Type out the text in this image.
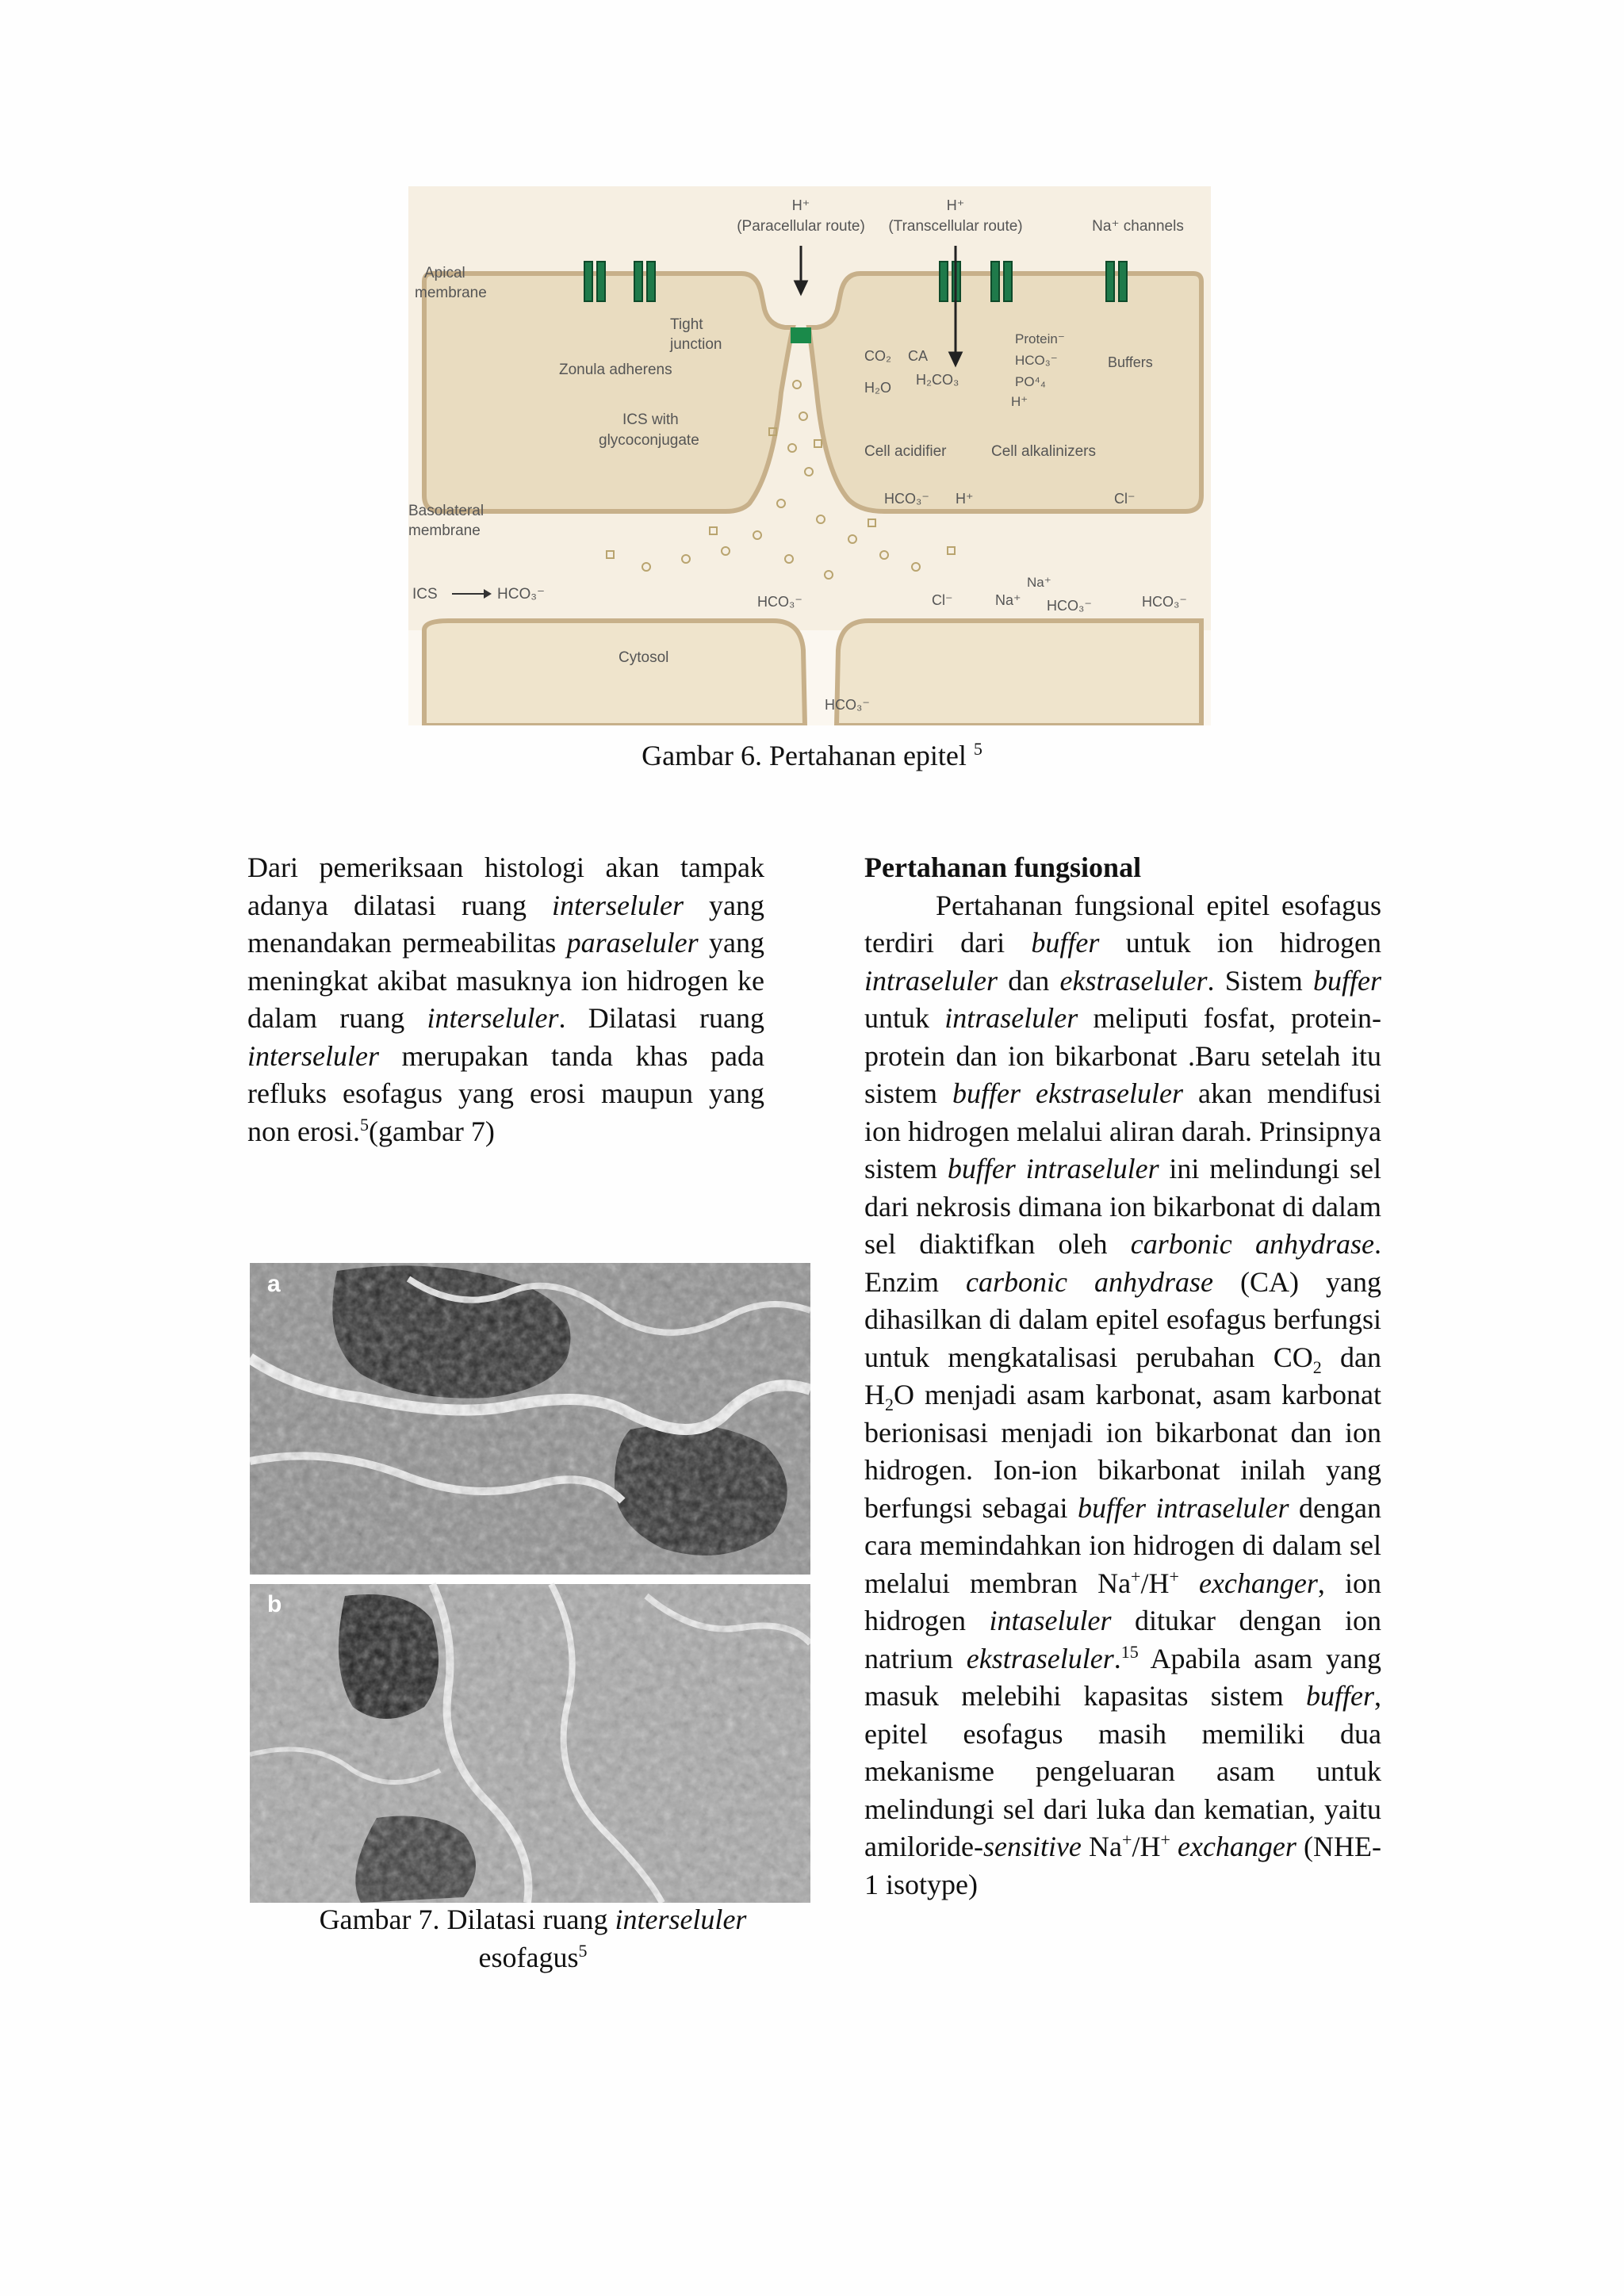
H⁺
(Paracellular route)
H⁺
(Transcellular route)	Na⁺ channels
Apical
membrane
Tight
junction
Zonula adherens
CO₂
H₂O
CA
H₂CO₃
Protein⁻
HCO₃⁻
PO⁴₄
H⁺
Buffers
ICS with
glycoconjugate
Cell acidifier	Cell alkalinizers
HCO₃⁻ H⁺	Cl⁻
Basolateral
membrane
Na⁺
ICS	HCO₃⁻	HCO₃⁻	Cl⁻	Na⁺ HCO₃⁻	HCO₃⁻
Cytosol
HCO₃⁻
Gambar 6. Pertahanan epitel $^5$

Dari pemeriksaan histologi akan tampak adanya dilatasi ruang interseluler yang menandakan permeabilitas paraseluler yang meningkat akibat masuknya ion hidrogen ke dalam ruang interseluler. Dilatasi ruang interseluler merupakan tanda khas pada refluks esofagus yang erosi maupun yang non erosi.$^5$(gambar 7)

a
b
Gambar 7. Dilatasi ruang interseluler
esofagus$^5$
Pertahanan fungsional

Pertahanan fungsional epitel esofagus terdiri dari buffer untuk ion hidrogen intraseluler dan ekstraseluler. Sistem buffer untuk intraseluler meliputi fosfat, protein-protein dan ion bikarbonat .Baru setelah itu sistem buffer ekstraseluler akan mendifusi ion hidrogen melalui aliran darah. Prinsipnya sistem buffer intraseluler ini melindungi sel dari nekrosis dimana ion bikarbonat di dalam sel diaktifkan oleh carbonic anhydrase. Enzim carbonic anhydrase (CA) yang dihasilkan di dalam epitel esofagus berfungsi untuk mengkatalisasi perubahan $CO_2$ dan $H_2O$ menjadi asam karbonat, asam karbonat berionisasi menjadi ion bikarbonat dan ion hidrogen. Ion-ion bikarbonat inilah yang berfungsi sebagai buffer intraseluler dengan cara memindahkan ion hidrogen di dalam sel melalui membran Na+/H+ exchanger, ion hidrogen intaseluler ditukar dengan ion natrium ekstraseluler.$^{15}$ Apabila asam yang masuk melebihi kapasitas sistem buffer, epitel esofagus masih memiliki dua mekanisme pengeluaran asam untuk melindungi sel dari luka dan kematian, yaitu amiloride-sensitive Na+/H+ exchanger (NHE-1 isotype)
